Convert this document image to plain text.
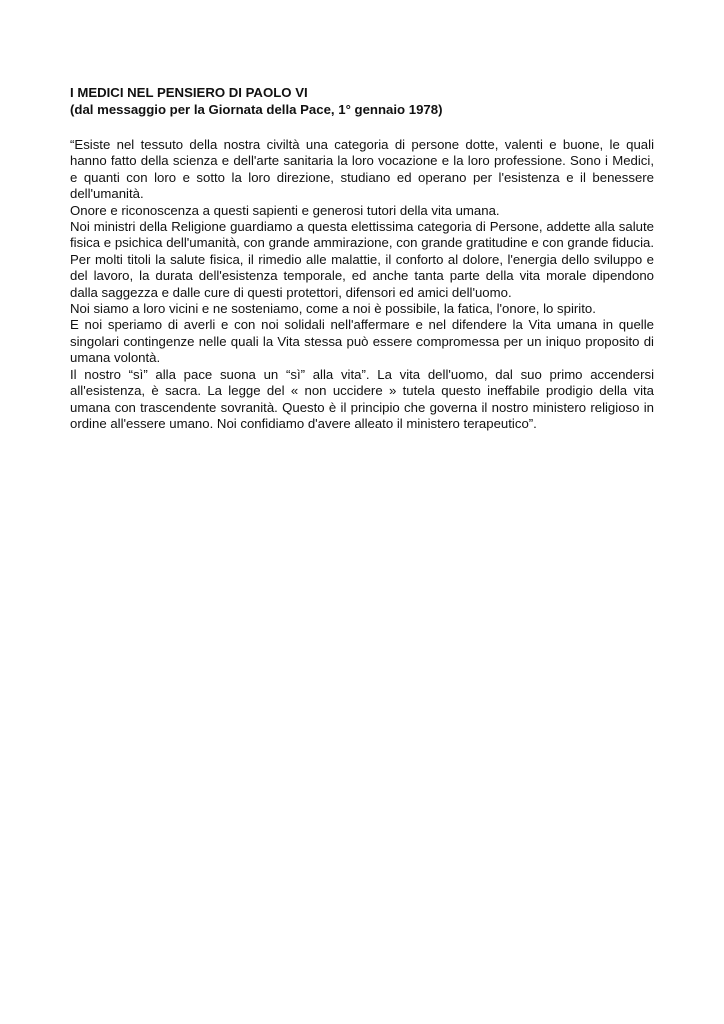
I MEDICI NEL PENSIERO DI PAOLO VI

(dal messaggio per la Giornata della Pace, 1° gennaio 1978)

“Esiste nel tessuto della nostra civiltà una categoria di persone dotte, valenti e buone, le quali hanno fatto della scienza e dell'arte sanitaria la loro vocazione e la loro professione. Sono i Medici, e quanti con loro e sotto la loro direzione, studiano ed operano per l'esistenza e il benessere dell'umanità.

Onore e riconoscenza a questi sapienti e generosi tutori della vita umana.

Noi ministri della Religione guardiamo a questa elettissima categoria di Persone, addette alla salute fisica e psichica dell'umanità, con grande ammirazione, con grande gratitudine e con grande fiducia. Per molti titoli la salute fisica, il rimedio alle malattie, il conforto al dolore, l'energia dello sviluppo e del lavoro, la durata dell'esistenza temporale, ed anche tanta parte della vita morale dipendono dalla saggezza e dalle cure di questi protettori, difensori ed amici dell'uomo.

Noi siamo a loro vicini e ne sosteniamo, come a noi è possibile, la fatica, l'onore, lo spirito.

E noi speriamo di averli e con noi solidali nell'affermare e nel difendere la Vita umana in quelle singolari contingenze nelle quali la Vita stessa può essere compromessa per un iniquo proposito di umana volontà.

Il nostro “sì” alla pace suona un “sì” alla vita”. La vita dell'uomo, dal suo primo accendersi all'esistenza, è sacra. La legge del « non uccidere » tutela questo ineffabile prodigio della vita umana con trascendente sovranità. Questo è il principio che governa il nostro ministero religioso in ordine all'essere umano. Noi confidiamo d'avere alleato il ministero terapeutico”.
